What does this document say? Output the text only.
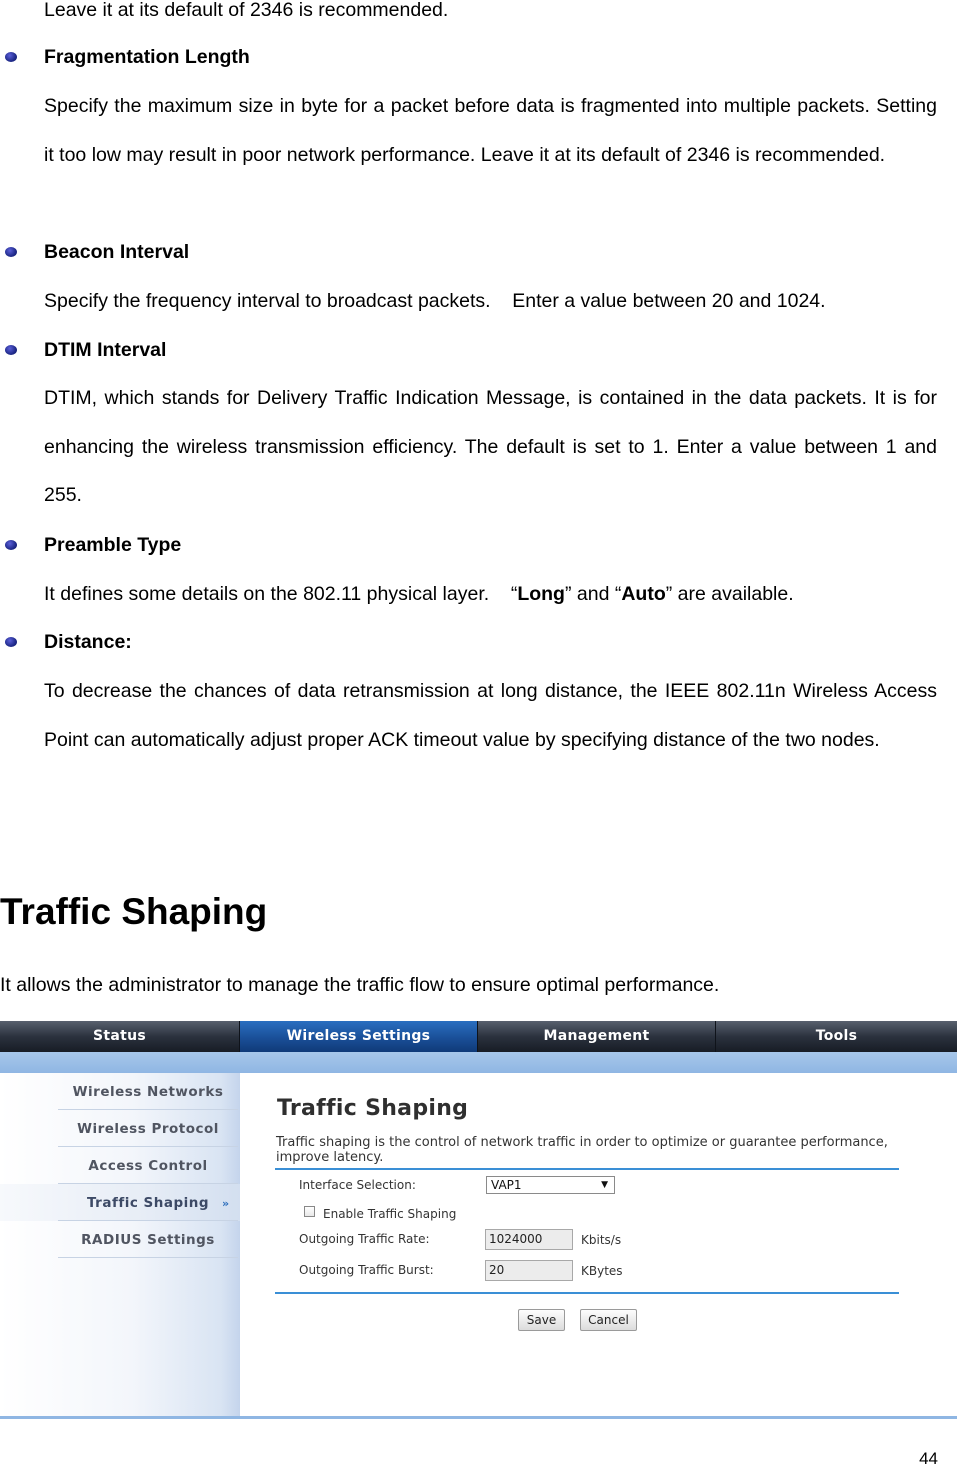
Leave it at its default of 2346 is recommended.
Fragmentation Length
Specify the maximum size in byte for a packet before data is fragmented into multiple packets. Setting it too low may result in poor network performance. Leave it at its default of 2346 is recommended.
Beacon Interval
Specify the frequency interval to broadcast packets.    Enter a value between 20 and 1024.
DTIM Interval
DTIM, which stands for Delivery Traffic Indication Message, is contained in the data packets. It is for enhancing the wireless transmission efficiency. The default is set to 1. Enter a value between 1 and 255.
Preamble Type
It defines some details on the 802.11 physical layer.    “Long” and “Auto” are available.
Distance:
To decrease the chances of data retransmission at long distance, the IEEE 802.11n Wireless Access Point can automatically adjust proper ACK timeout value by specifying distance of the two nodes.
Traffic Shaping
It allows the administrator to manage the traffic flow to ensure optimal performance.
Status	Wireless Settings	Management	Tools
Wireless Networks
Wireless Protocol
Access Control
Traffic Shaping	»
RADIUS Settings
Traffic Shaping
Traffic shaping is the control of network traffic in order to optimize or guarantee performance, improve latency.
Interface Selection:	VAP1	▼
Enable Traffic Shaping
Outgoing Traffic Rate:	1024000	Kbits/s
Outgoing Traffic Burst:	20	KBytes
Save	Cancel
44
